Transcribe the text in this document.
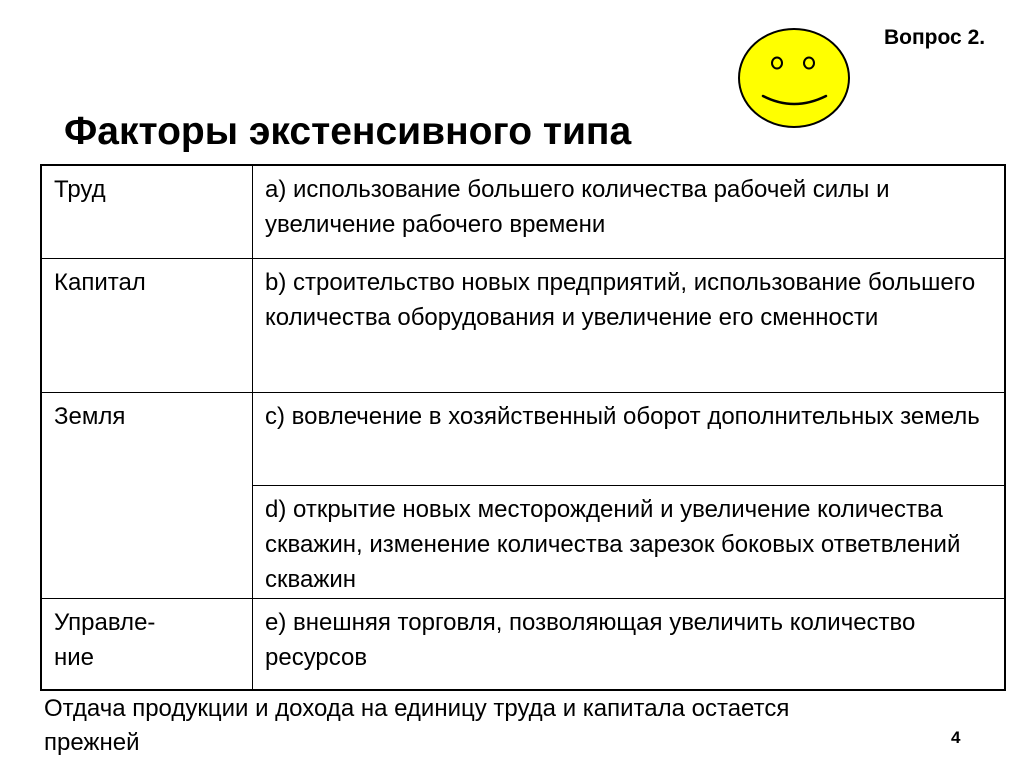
Вопрос 2.
Факторы экстенсивного типа
Труд	a) использование большего количества рабочей силы и увеличение рабочего времени
Капитал	b) строительство новых предприятий, использование большего количества оборудования и увеличение его сменности
Земля	c) вовлечение в хозяйственный оборот дополнительных земель
	d) открытие новых месторождений и увеличение количества скважин, изменение количества зарезок боковых ответвлений скважин

Управле-
ние	e) внешняя торговля, позволяющая увеличить количество ресурсов
Отдача продукции и дохода на единицу труда и капитала остается прежней	4
